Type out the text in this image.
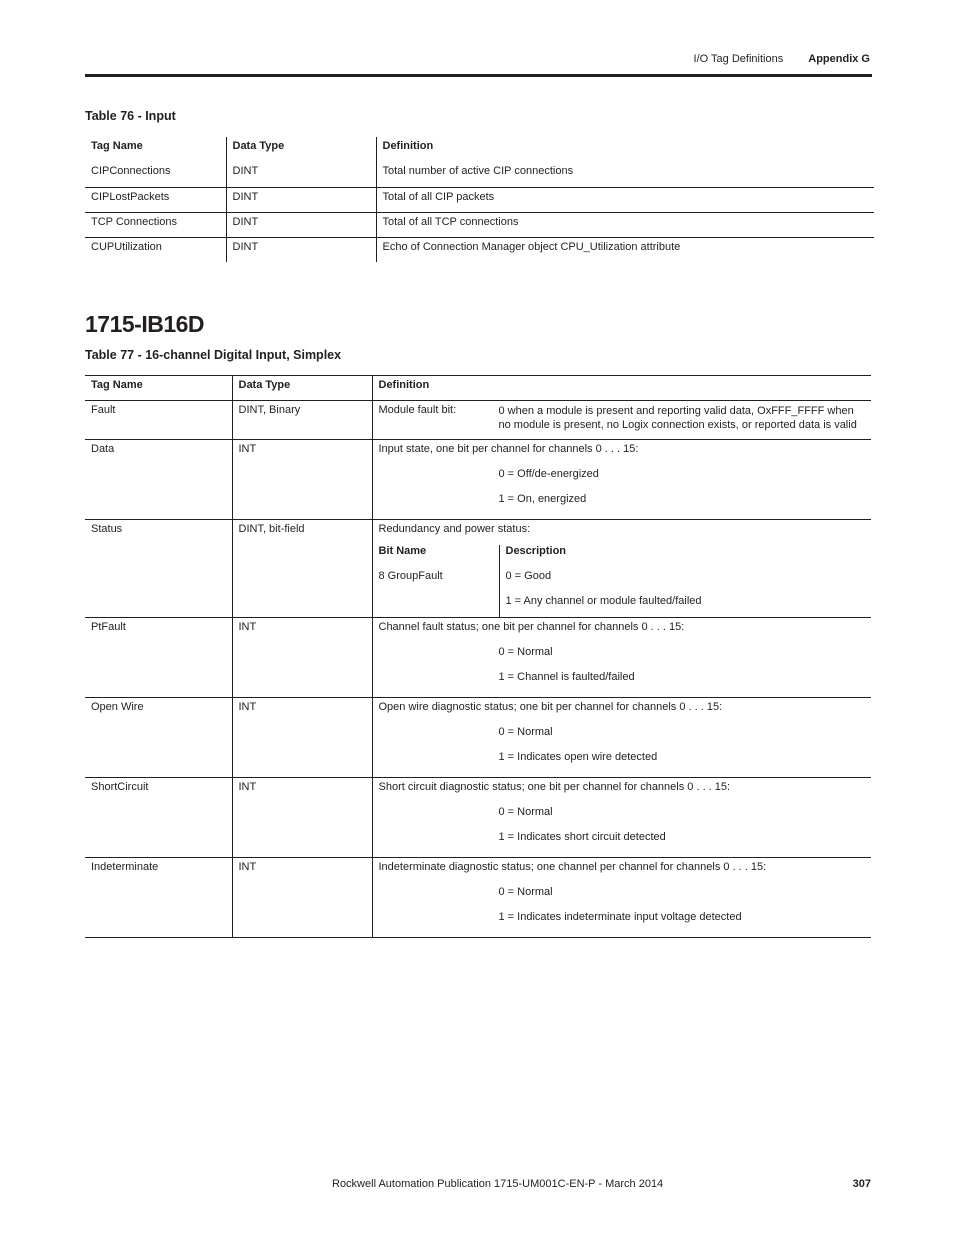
I/O Tag Definitions Appendix G
Table 76 - Input
Tag Name	Data Type	Definition
CIPConnections	DINT	Total number of active CIP connections
CIPLostPackets	DINT	Total of all CIP packets
TCP Connections	DINT	Total of all TCP connections
CUPUtilization	DINT	Echo of Connection Manager object CPU_Utilization attribute
1715-IB16D
Table 77 - 16-channel Digital Input, Simplex
Tag Name	Data Type	Definition
Fault	DINT, Binary	Module fault bit:	0 when a module is present and reporting valid data, OxFFF_FFFF when no module is present, no Logix connection exists, or reported data is valid

Data	INT	Input state, one bit per channel for channels 0 . . . 15:
0 = Off/de-energized
1 = On, energized

Status	DINT, bit-field	Redundancy and power status:
Bit Name	Description
8 GroupFault	0 = Good
	1 = Any channel or module faulted/failed

PtFault	INT	Channel fault status; one bit per channel for channels 0 . . . 15:
0 = Normal
1 = Channel is faulted/failed

Open Wire	INT	Open wire diagnostic status; one bit per channel for channels 0 . . . 15:
0 = Normal
1 = Indicates open wire detected

ShortCircuit	INT	Short circuit diagnostic status; one bit per channel for channels 0 . . . 15:
0 = Normal
1 = Indicates short circuit detected

Indeterminate	INT	Indeterminate diagnostic status; one channel per channel for channels 0 . . . 15:
0 = Normal
1 = Indicates indeterminate input voltage detected
Rockwell Automation Publication 1715-UM001C-EN-P - March 2014	307
